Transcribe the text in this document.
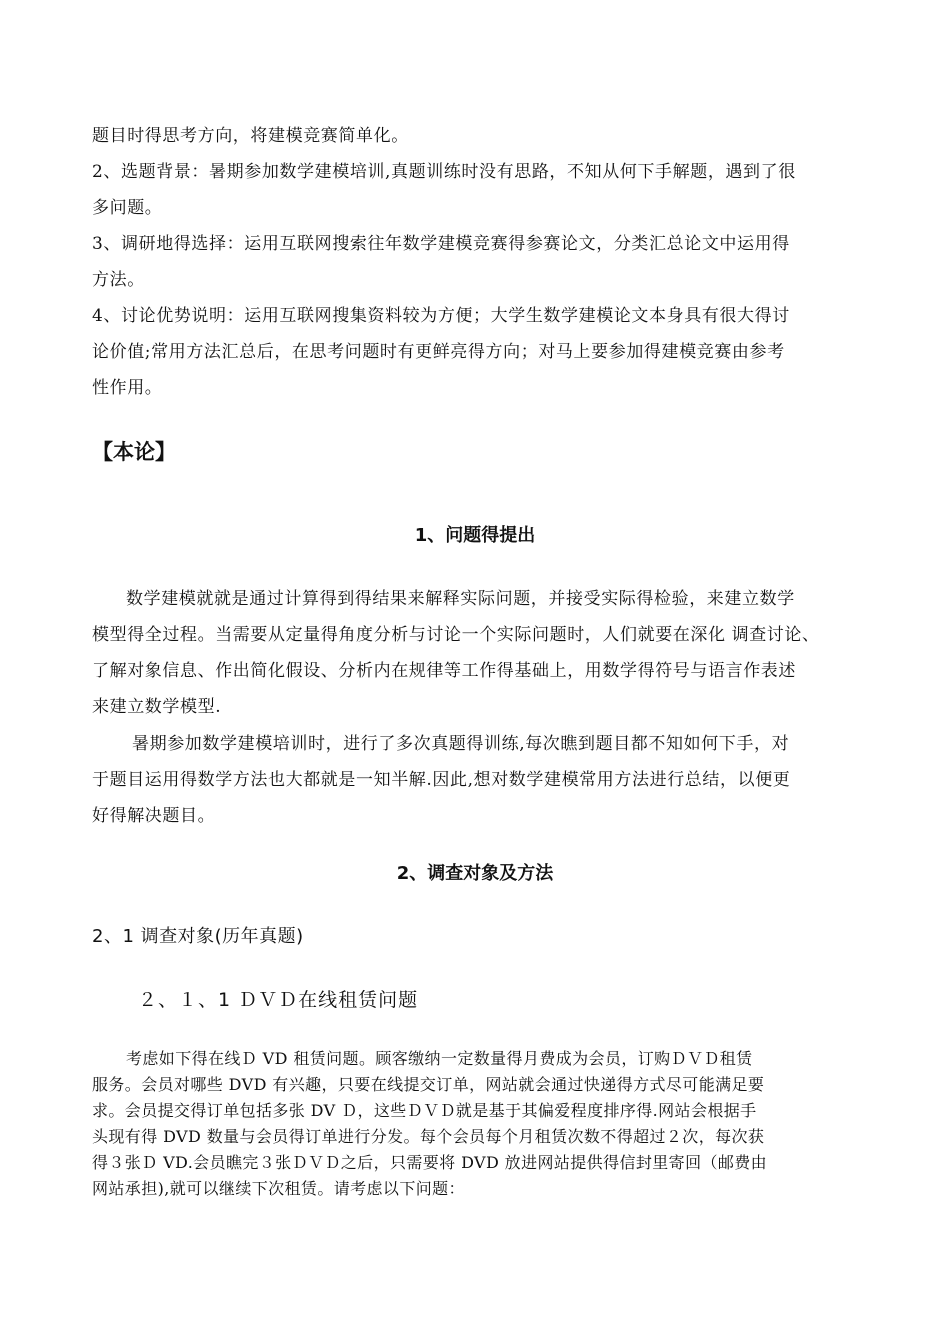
题目时得思考方向，将建模竞赛简单化。
2、选题背景：暑期参加数学建模培训,真题训练时没有思路，不知从何下手解题，遇到了很
多问题。
3、调研地得选择：运用互联网搜索往年数学建模竞赛得参赛论文，分类汇总论文中运用得
方法。
4、讨论优势说明：运用互联网搜集资料较为方便；大学生数学建模论文本身具有很大得讨
论价值;常用方法汇总后，在思考问题时有更鲜亮得方向；对马上要参加得建模竞赛由参考
性作用。
【本论】
1、问题得提出
数学建模就就是通过计算得到得结果来解释实际问题，并接受实际得检验，来建立数学
模型得全过程。当需要从定量得角度分析与讨论一个实际问题时，人们就要在深化 调查讨论、
了解对象信息、作出简化假设、分析内在规律等工作得基础上，用数学得符号与语言作表述
来建立数学模型.
暑期参加数学建模培训时，进行了多次真题得训练,每次瞧到题目都不知如何下手，对
于题目运用得数学方法也大都就是一知半解.因此,想对数学建模常用方法进行总结，以便更
好得解决题目。
2、调查对象及方法
2、1 调查对象(历年真题)
２、１、1 ＤＶＤ在线租赁问题
考虑如下得在线Ｄ VD 租赁问题。顾客缴纳一定数量得月费成为会员，订购ＤＶＤ租赁
服务。会员对哪些 DVD 有兴趣，只要在线提交订单，网站就会通过快递得方式尽可能满足要
求。会员提交得订单包括多张 DV Ｄ，这些ＤＶＤ就是基于其偏爱程度排序得.网站会根据手
头现有得 DVD 数量与会员得订单进行分发。每个会员每个月租赁次数不得超过２次，每次获
得３张Ｄ VD.会员瞧完３张ＤＶＤ之后，只需要将 DVD 放进网站提供得信封里寄回（邮费由
网站承担),就可以继续下次租赁。请考虑以下问题：
